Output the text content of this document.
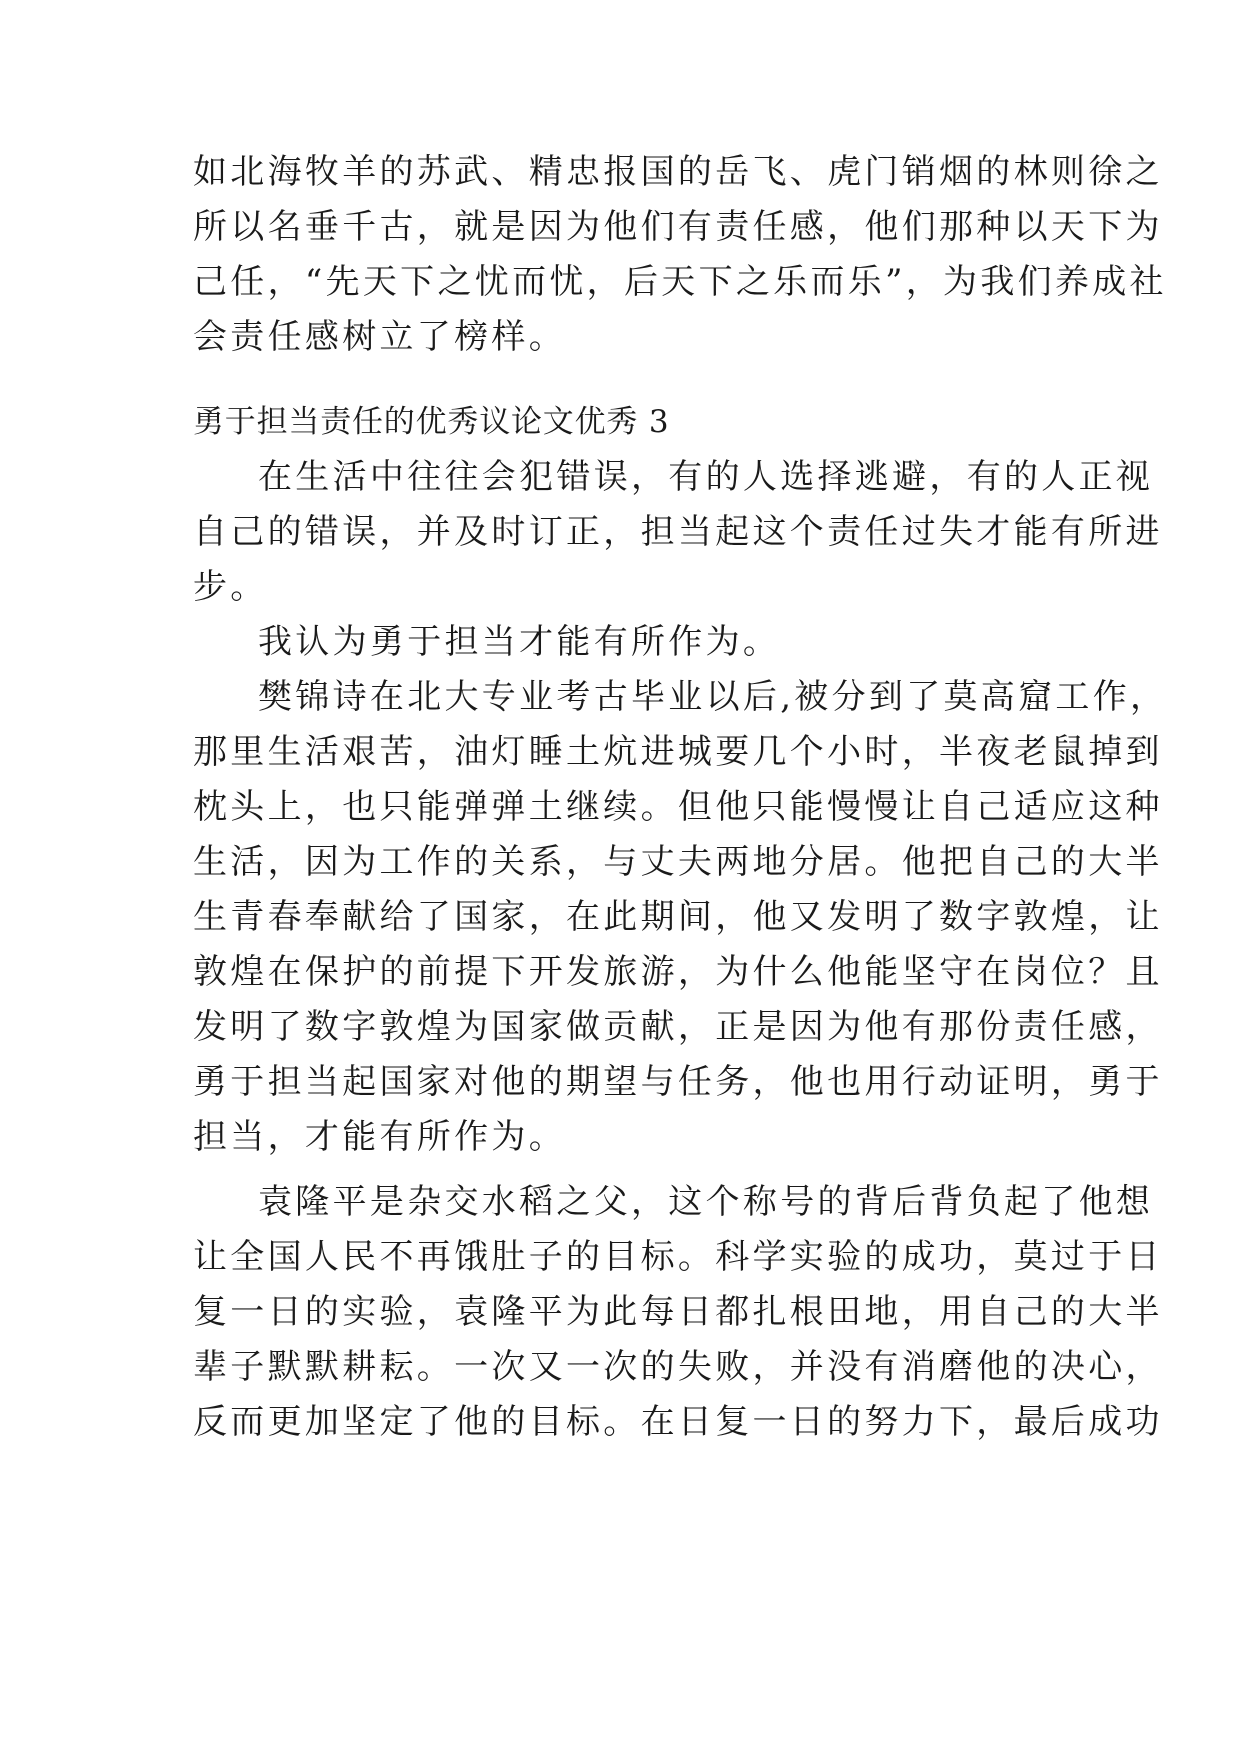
如北海牧羊的苏武、精忠报国的岳飞、虎门销烟的林则徐之
所以名垂千古，就是因为他们有责任感，他们那种以天下为
己任，“先天下之忧而忧，后天下之乐而乐”，为我们养成社
会责任感树立了榜样。
勇于担当责任的优秀议论文优秀 3
在生活中往往会犯错误，有的人选择逃避，有的人正视
自己的错误，并及时订正，担当起这个责任过失才能有所进
步。
我认为勇于担当才能有所作为。
樊锦诗在北大专业考古毕业以后,被分到了莫高窟工作，
那里生活艰苦，油灯睡土炕进城要几个小时，半夜老鼠掉到
枕头上，也只能弹弹土继续。但他只能慢慢让自己适应这种
生活，因为工作的关系，与丈夫两地分居。他把自己的大半
生青春奉献给了国家，在此期间，他又发明了数字敦煌，让
敦煌在保护的前提下开发旅游，为什么他能坚守在岗位？且
发明了数字敦煌为国家做贡献，正是因为他有那份责任感，
勇于担当起国家对他的期望与任务，他也用行动证明，勇于
担当，才能有所作为。
袁隆平是杂交水稻之父，这个称号的背后背负起了他想
让全国人民不再饿肚子的目标。科学实验的成功，莫过于日
复一日的实验，袁隆平为此每日都扎根田地，用自己的大半
辈子默默耕耘。一次又一次的失败，并没有消磨他的决心，
反而更加坚定了他的目标。在日复一日的努力下，最后成功
